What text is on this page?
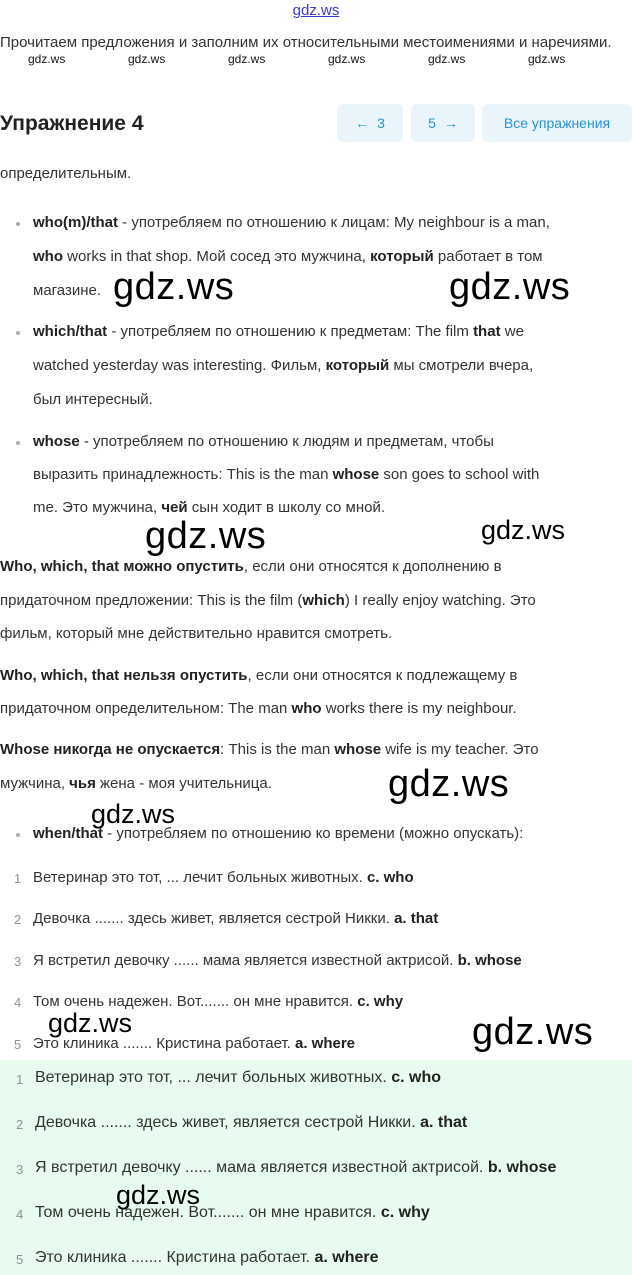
gdz.ws
Прочитаем предложения и заполним их относительными местоимениями и наречиями.
gdz.ws	gdz.ws	gdz.ws	gdz.ws	gdz.ws	gdz.ws
Упражнение 4	← 3	5 →	Все упражнения
определительным.
who(m)/that - употребляем по отношению к лицам: My neighbour is a man,
who works in that shop. Мой сосед это мужчина, который работает в том
магазине.
which/that - употребляем по отношению к предметам: The film that we
watched yesterday was interesting. Фильм, который мы смотрели вчера,
был интересный.
whose - употребляем по отношению к людям и предметам, чтобы
выразить принадлежность: This is the man whose son goes to school with
me. Это мужчина, чей сын ходит в школу со мной.
Who, which, that можно опустить, если они относятся к дополнению в
придаточном предложении: This is the film (which) I really enjoy watching. Это
фильм, который мне действительно нравится смотреть.
Who, which, that нельзя опустить, если они относятся к подлежащему в
придаточном определительном: The man who works there is my neighbour.
Whose никогда не опускается: This is the man whose wife is my teacher. Это
мужчина, чья жена - моя учительница.
when/that - употребляем по отношению ко времени (можно опускать):
1 Ветеринар это тот, ... лечит больных животных. c. who
2 Девочка ....... здесь живет, является сестрой Никки. a. that
3 Я встретил девочку ...... мама является известной актрисой. b. whose
4 Том очень надежен. Вот....... он мне нравится. c. why
5 Это клиника ....... Кристина работает. a. where
1 Ветеринар это тот, ... лечит больных животных. c. who
2 Девочка ....... здесь живет, является сестрой Никки. a. that
3 Я встретил девочку ...... мама является известной актрисой. b. whose
4 Том очень надежен. Вот....... он мне нравится. c. why
5 Это клиника ....... Кристина работает. a. where
gdz.ws	gdz.ws
gdz.ws	gdz.ws
gdz.ws
gdz.ws
gdz.ws	gdz.ws
gdz.ws
